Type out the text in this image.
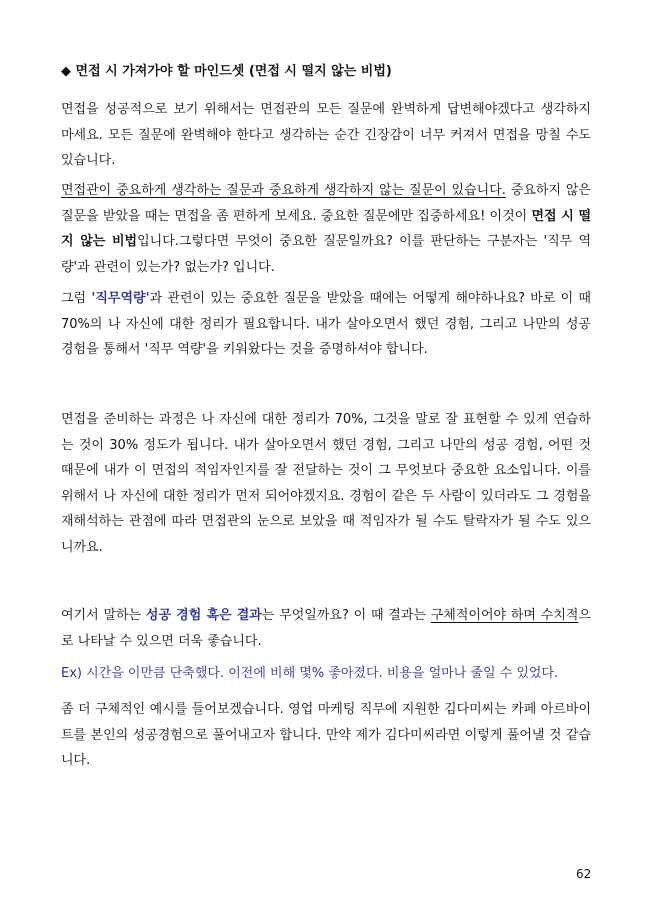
◆ 면접 시 가져가야 할 마인드셋 (면접 시 떨지 않는 비법)

면접을 성공적으로 보기 위해서는 면접관의 모든 질문에 완벽하게 답변해야겠다고 생각하지 마세요. 모든 질문에 완벽해야 한다고 생각하는 순간 긴장감이 너무 커져서 면접을 망칠 수도 있습니다.

면접관이 중요하게 생각하는 질문과 중요하게 생각하지 않는 질문이 있습니다. 중요하지 않은 질문을 받았을 때는 면접을 좀 편하게 보세요. 중요한 질문에만 집중하세요! 이것이 면접 시 떨지 않는 비법입니다.그렇다면 무엇이 중요한 질문일까요? 이를 판단하는 구분자는 '직무 역량'과 관련이 있는가? 없는가? 입니다.

그럼 '직무역량'과 관련이 있는 중요한 질문을 받았을 때에는 어떻게 해야하나요? 바로 이 때 70%의 나 자신에 대한 정리가 필요합니다. 내가 살아오면서 했던 경험, 그리고 나만의 성공 경험을 통해서 '직무 역량'을 키워왔다는 것을 증명하셔야 합니다.

면접을 준비하는 과정은 나 자신에 대한 정리가 70%, 그것을 말로 잘 표현할 수 있게 연습하는 것이 30% 정도가 됩니다. 내가 살아오면서 했던 경험, 그리고 나만의 성공 경험, 어떤 것 때문에 내가 이 면접의 적임자인지를 잘 전달하는 것이 그 무엇보다 중요한 요소입니다. 이를 위해서 나 자신에 대한 정리가 먼저 되어야겠지요. 경험이 같은 두 사람이 있더라도 그 경험을 재해석하는 관점에 따라 면접관의 눈으로 보았을 때 적임자가 될 수도 탈락자가 될 수도 있으니까요.

여기서 말하는 성공 경험 혹은 결과는 무엇일까요? 이 때 결과는 구체적이어야 하며 수치적으로 나타날 수 있으면 더욱 좋습니다.

Ex) 시간을 이만큼 단축했다. 이전에 비해 몇% 좋아졌다. 비용을 얼마나 줄일 수 있었다.

좀 더 구체적인 예시를 들어보겠습니다. 영업 마케팅 직무에 지원한 김다미씨는 카페 아르바이트를 본인의 성공경험으로 풀어내고자 합니다. 만약 제가 김다미씨라면 이렇게 풀어낼 것 같습니다.

62
